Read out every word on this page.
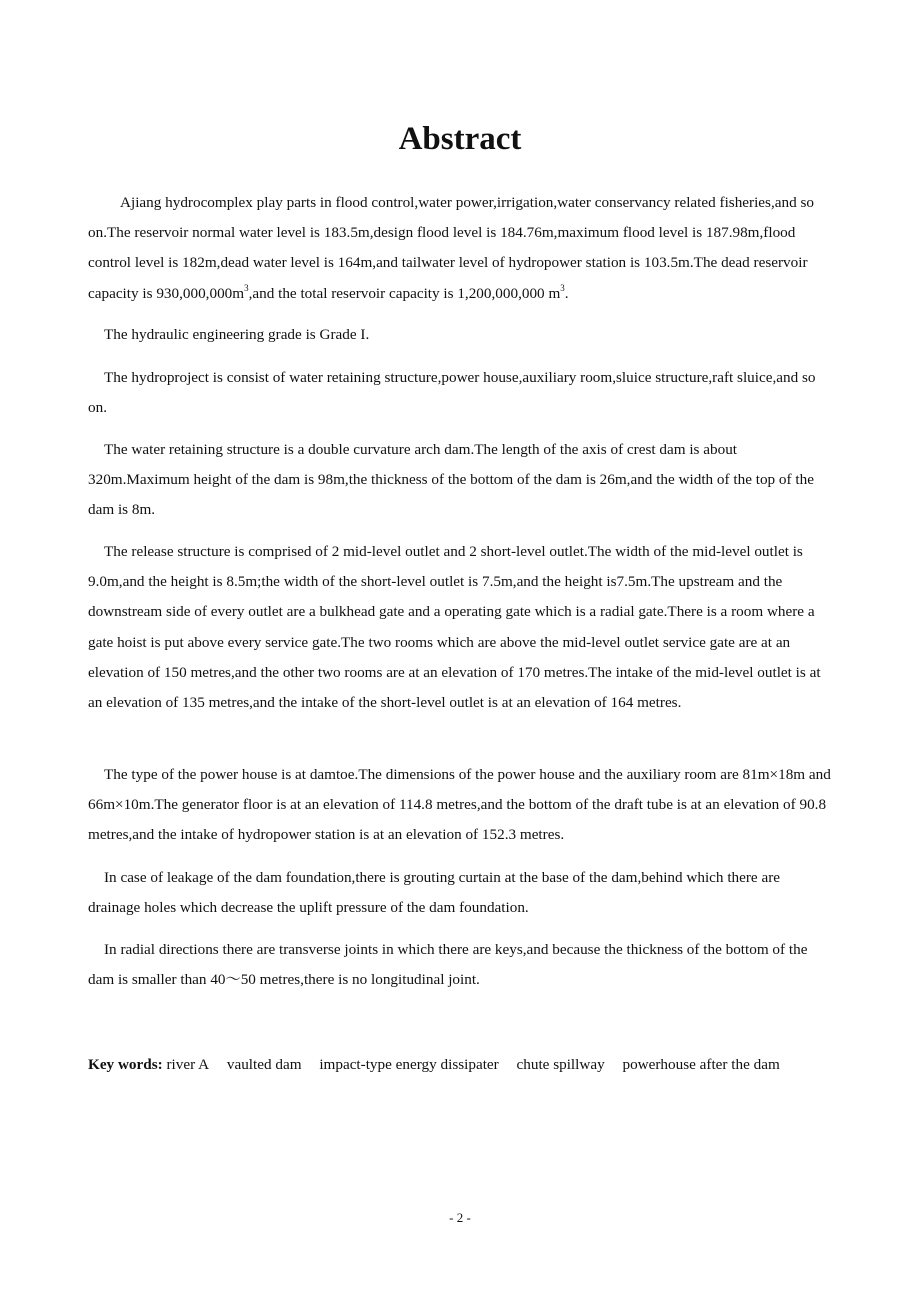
Abstract

Ajiang hydrocomplex play parts in flood control,water power,irrigation,water conservancy related fisheries,and so on.The reservoir normal water level is 183.5m,design flood level is 184.76m,maximum flood level is 187.98m,flood control level is 182m,dead water level is 164m,and tailwater level of hydropower station is 103.5m.The dead reservoir capacity is $930,000,000m^3,and$ the total reservoir capacity is 1,200,000,000 $m^3$.

The hydraulic engineering grade is Grade I.

The hydroproject is consist of water retaining structure,power house,auxiliary room,sluice structure,raft sluice,and so on.

The water retaining structure is a double curvature arch dam.The length of the axis of crest dam is about 320m.Maximum height of the dam is 98m,the thickness of the bottom of the dam is 26m,and the width of the top of the dam is 8m.

The release structure is comprised of 2 mid-level outlet and 2 short-level outlet.The width of the mid-level outlet is 9.0m,and the height is 8.5m;the width of the short-level outlet is 7.5m,and the height is7.5m.The upstream and the downstream side of every outlet are a bulkhead gate and a operating gate which is a radial gate.There is a room where a gate hoist is put above every service gate.The two rooms which are above the mid-level outlet service gate are at an elevation of 150 metres,and the other two rooms are at an elevation of 170 metres.The intake of the mid-level outlet is at an elevation of 135 metres,and the intake of the short-level outlet is at an elevation of 164 metres.

The type of the power house is at damtoe.The dimensions of the power house and the auxiliary room are 81m×18m and 66m×10m.The generator floor is at an elevation of 114.8 metres,and the bottom of the draft tube is at an elevation of 90.8 metres,and the intake of hydropower station is at an elevation of 152.3 metres.

In case of leakage of the dam foundation,there is grouting curtain at the base of the dam,behind which there are drainage holes which decrease the uplift pressure of the dam foundation.

In radial directions there are transverse joints in which there are keys,and because the thickness of the bottom of the dam is smaller than 40～50 metres,there is no longitudinal joint.

Key words: river A vaulted dam impact-type energy dissipater chute spillway powerhouse after the dam

- 2 -
